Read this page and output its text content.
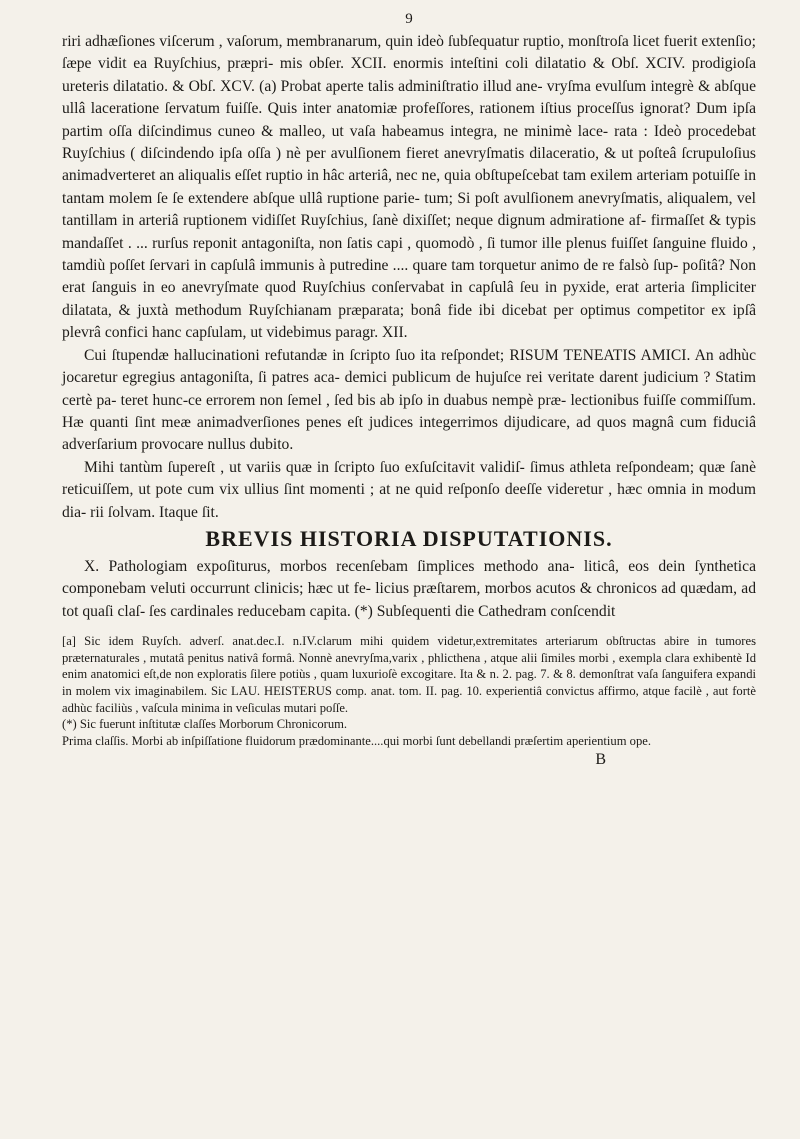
9

riri adhæſiones viſcerum , vaſorum, membranarum, quin ideò ſubſequatur ruptio, monſtroſa licet fuerit extenſio; ſæpe vidit ea Ruyſchius, præpri- mis obſer. XCII. enormis inteſtini coli dilatatio & Obſ. XCIV. prodigioſa ureteris dilatatio. & Obſ. XCV. (a) Probat aperte talis adminiſtratio illud ane- vryſma evulſum integrè & abſque ullâ laceratione ſervatum fuiſſe. Quis inter anatomiæ profeſſores, rationem iſtius proceſſus ignorat? Dum ipſa partim oſſa diſcindimus cuneo & malleo, ut vaſa habeamus integra, ne minimè lace- rata : Ideò procedebat Ruyſchius ( diſcindendo ipſa oſſa ) nè per avulſionem fieret anevryſmatis dilaceratio, & ut poſteâ ſcrupuloſius animadverteret an aliqualis eſſet ruptio in hâc arteriâ, nec ne, quia obſtupeſcebat tam exilem arteriam potuiſſe in tantam molem ſe ſe extendere abſque ullâ ruptione parie- tum; Si poſt avulſionem anevryſmatis, aliqualem, vel tantillam in arteriâ ruptionem vidiſſet Ruyſchius, ſanè dixiſſet; neque dignum admiratione af- firmaſſet & typis mandaſſet . ... rurſus reponit antagoniſta, non ſatis capi , quomodò , ſi tumor ille plenus fuiſſet ſanguine fluido , tamdiù poſſet ſervari in capſulâ immunis à putredine .... quare tam torquetur animo de re falsò ſup- poſitâ? Non erat ſanguis in eo anevryſmate quod Ruyſchius conſervabat in capſulâ ſeu in pyxide, erat arteria ſimpliciter dilatata, & juxtà methodum Ruyſchianam præparata; bonâ fide ibi dicebat per optimus competitor ex ipſâ plevrâ confici hanc capſulam, ut videbimus paragr. XII.

Cui ſtupendæ hallucinationi refutandæ in ſcripto ſuo ita reſpondet; RISUM TENEATIS AMICI. An adhùc jocaretur egregius antagoniſta, ſi patres aca- demici publicum de hujuſce rei veritate darent judicium ? Statim certè pa- teret hunc-ce errorem non ſemel , ſed bis ab ipſo in duabus nempè præ- lectionibus fuiſſe commiſſum. Hæ quanti ſint meæ animadverſiones penes eſt judices integerrimos dijudicare, ad quos magnâ cum fiduciâ adverſarium provocare nullus dubito.

Mihi tantùm ſupereſt , ut variis quæ in ſcripto ſuo exſuſcitavit validiſ- ſimus athleta reſpondeam; quæ ſanè reticuiſſem, ut pote cum vix ullius ſint momenti ; at ne quid reſponſo deeſſe videretur , hæc omnia in modum dia- rii ſolvam. Itaque ſit.

BREVIS HISTORIA DISPUTATIONIS.

X. Pathologiam expoſiturus, morbos recenſebam ſimplices methodo ana- liticâ, eos dein ſynthetica componebam veluti occurrunt clinicis; hæc ut fe- licius præſtarem, morbos acutos & chronicos ad quædam, ad tot quaſi claſ- ſes cardinales reducebam capita. (*) Subſequenti die Cathedram conſcendit

[a] Sic idem Ruyſch. adverſ. anat.dec.I. n.IV.clarum mihi quidem videtur,extremitates arteriarum obſtructas abire in tumores præternaturales , mutatâ penitus nativâ formâ. Nonnè anevryſma,varix , phlicthena , atque alii ſimiles morbi , exempla clara exhibentè Id enim anatomici eſt,de non exploratis ſilere potiùs , quam luxurioſè excogitare. Ita & n. 2. pag. 7. & 8. demonſtrat vaſa ſanguifera expandi in molem vix imaginabilem. Sic LAU. HEISTERUS comp. anat. tom. II. pag. 10. experientiâ convictus affirmo, atque facilè , aut fortè adhùc faciliùs , vaſcula minima in veſiculas mutari poſſe.

(*) Sic fuerunt inſtitutæ claſſes Morborum Chronicorum.

Prima claſſis. Morbi ab inſpiſſatione fluidorum prædominante....qui morbi ſunt debellandi præſertim aperientium ope.

B
